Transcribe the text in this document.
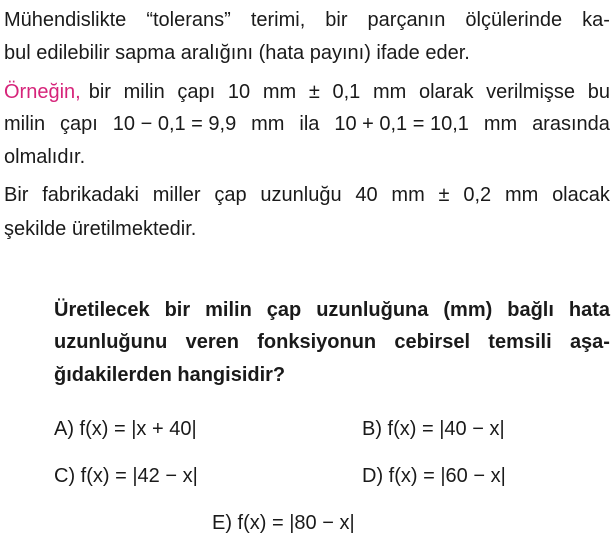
Mühendislikte “tolerans” terimi, bir parçanın ölçülerinde ka-
bul edilebilir sapma aralığını (hata payını) ifade eder.
Örneğin, bir milin çapı 10 mm ± 0,1 mm olarak verilmişse bu
milin çapı 10 − 0,1 = 9,9 mm ila 10 + 0,1 = 10,1 mm arasında
olmalıdır.
Bir fabrikadaki miller çap uzunluğu 40 mm ± 0,2 mm olacak
şekilde üretilmektedir.
Üretilecek bir milin çap uzunluğuna (mm) bağlı hata
uzunluğunu veren fonksiyonun cebirsel temsili aşa-
ğıdakilerden hangisidir?
A) f(x) = |x + 40|	B) f(x) = |40 − x|
C) f(x) = |42 − x|	D) f(x) = |60 − x|
E) f(x) = |80 − x|
